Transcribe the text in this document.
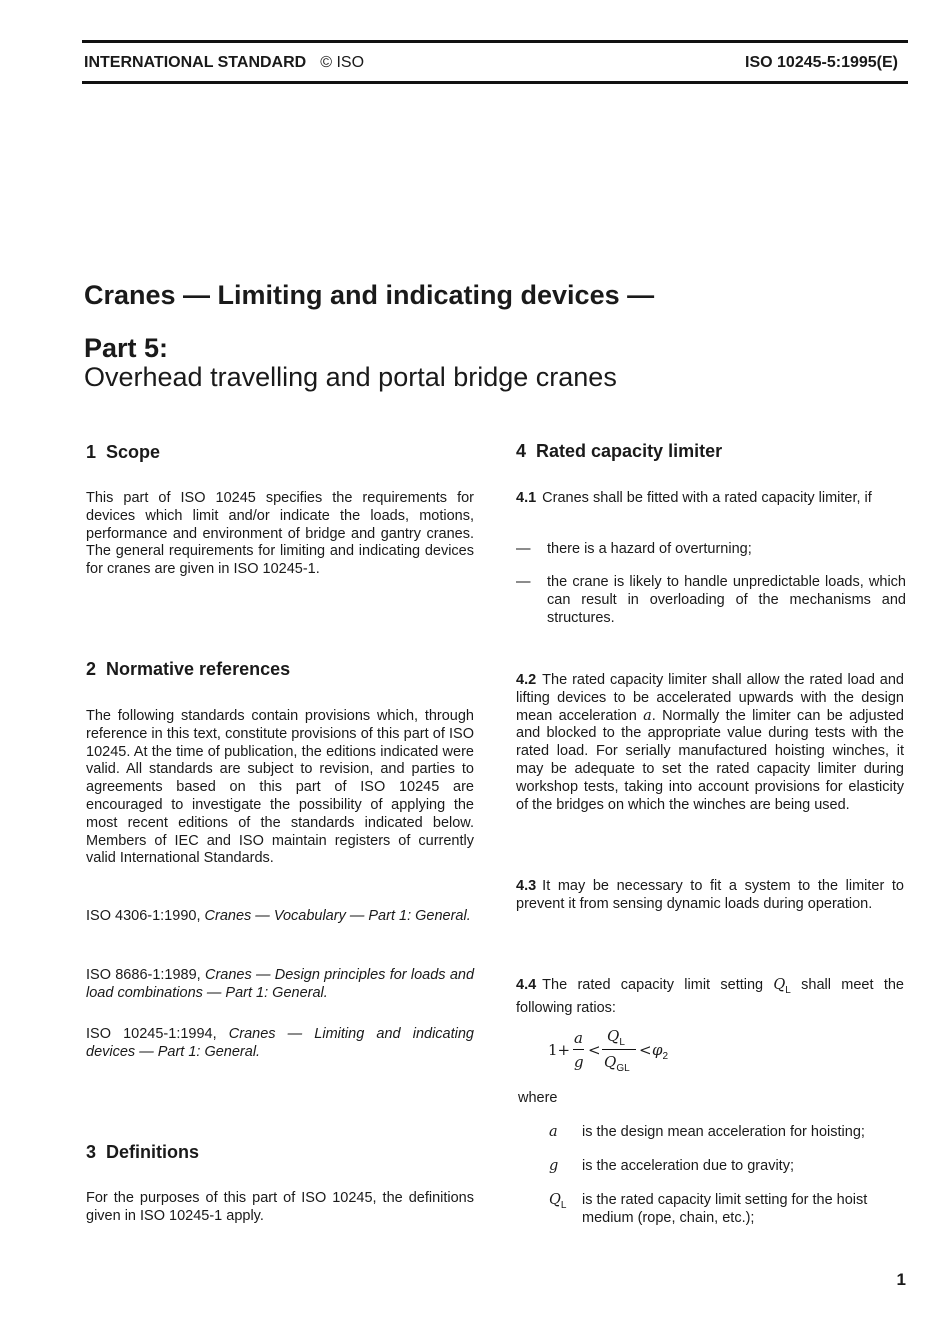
INTERNATIONAL STANDARD © ISO	ISO 10245-5:1995(E)
Cranes — Limiting and indicating devices —
Part 5:
Overhead travelling and portal bridge cranes
1 Scope
This part of ISO 10245 specifies the requirements for devices which limit and/or indicate the loads, motions, performance and environment of bridge and gantry cranes. The general requirements for limiting and indicating devices for cranes are given in ISO 10245-1.
2 Normative references
The following standards contain provisions which, through reference in this text, constitute provisions of this part of ISO 10245. At the time of publication, the editions indicated were valid. All standards are subject to revision, and parties to agreements based on this part of ISO 10245 are encouraged to investigate the possibility of applying the most recent editions of the standards indicated below. Members of IEC and ISO maintain registers of currently valid International Standards.
ISO 4306-1:1990, Cranes — Vocabulary — Part 1: General.
ISO 8686-1:1989, Cranes — Design principles for loads and load combinations — Part 1: General.
ISO 10245-1:1994, Cranes — Limiting and indicating devices — Part 1: General.
3 Definitions
For the purposes of this part of ISO 10245, the definitions given in ISO 10245-1 apply.
4 Rated capacity limiter
4.1 Cranes shall be fitted with a rated capacity limiter, if
— there is a hazard of overturning;
— the crane is likely to handle unpredictable loads, which can result in overloading of the mechanisms and structures.
4.2 The rated capacity limiter shall allow the rated load and lifting devices to be accelerated upwards with the design mean acceleration a. Normally the limiter can be adjusted and blocked to the appropriate value during tests with the rated load. For serially manufactured hoisting winches, it may be adequate to set the rated capacity limiter during workshop tests, taking into account provisions for elasticity of the bridges on which the winches are being used.
4.3 It may be necessary to fit a system to the limiter to prevent it from sensing dynamic loads during operation.
4.4 The rated capacity limit setting $Q_L$ shall meet the following ratios:
1+
a
g
<
$Q_L$
$Q_{GL}$
< $\varphi_2$
where
a is the design mean acceleration for hoisting;
g is the acceleration due to gravity;
$Q_L$ is the rated capacity limit setting for the hoist medium (rope, chain, etc.);
1
